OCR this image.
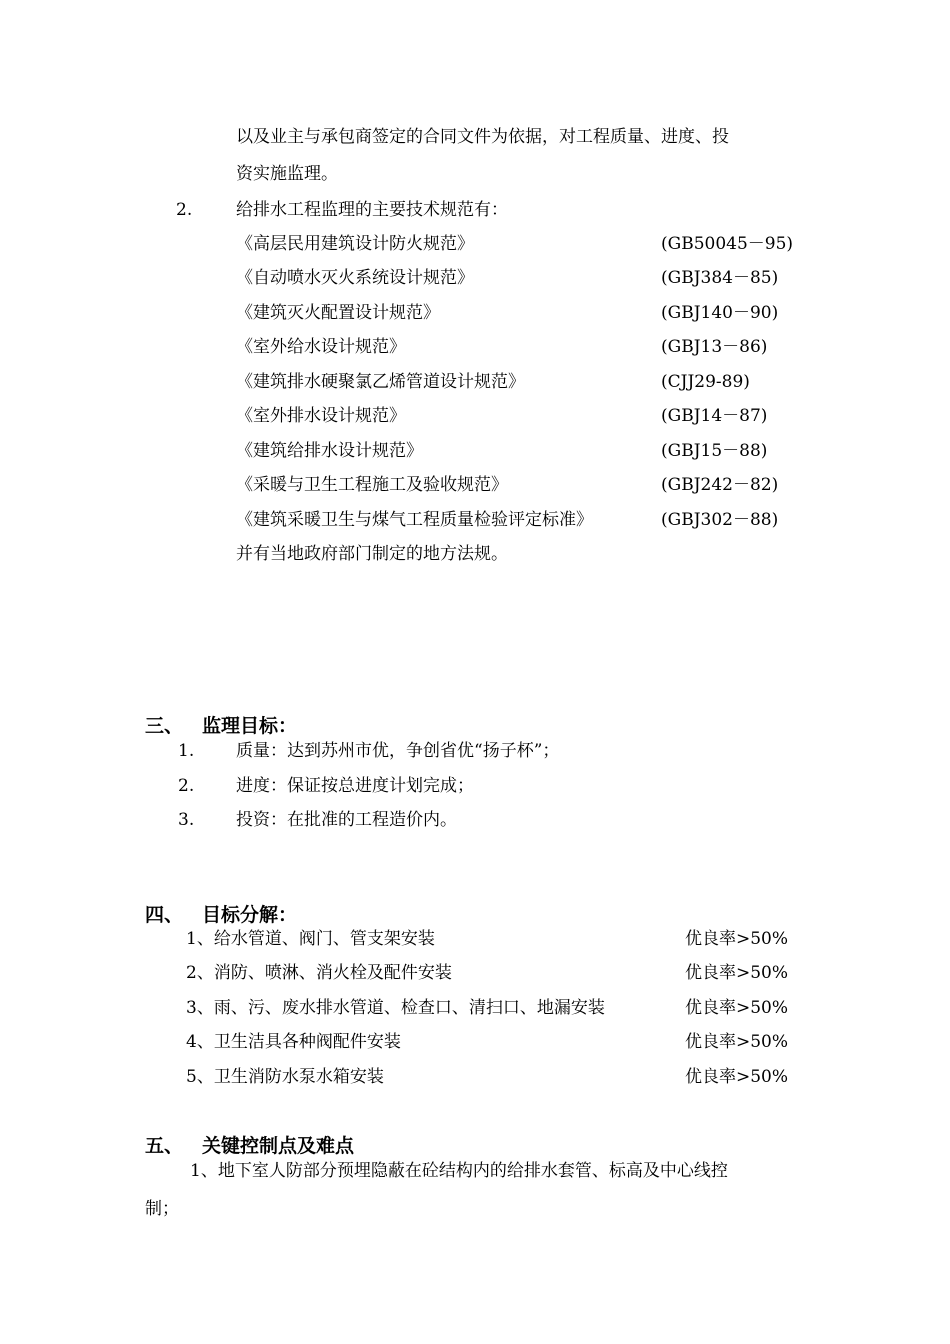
以及业主与承包商签定的合同文件为依据，对工程质量、进度、投
资实施监理。
2.	给排水工程监理的主要技术规范有：
《高层民用建筑设计防火规范》	(GB50045－95)
《自动喷水灭火系统设计规范》	(GBJ384－85)
《建筑灭火配置设计规范》	(GBJ140－90)
《室外给水设计规范》	(GBJ13－86)
《建筑排水硬聚氯乙烯管道设计规范》	(CJJ29-89)
《室外排水设计规范》	(GBJ14－87)
《建筑给排水设计规范》	(GBJ15－88)
《采暖与卫生工程施工及验收规范》	(GBJ242－82)
《建筑采暖卫生与煤气工程质量检验评定标准》	(GBJ302－88)
并有当地政府部门制定的地方法规。
三、 监理目标：
1. 质量：达到苏州市优，争创省优“扬子杯”；
2. 进度：保证按总进度计划完成；
3. 投资：在批准的工程造价内。
四、 目标分解：
1、给水管道、阀门、管支架安装	优良率>50%
2、消防、喷淋、消火栓及配件安装	优良率>50%
3、雨、污、废水排水管道、检查口、清扫口、地漏安装	优良率>50%
4、卫生洁具各种阀配件安装	优良率>50%
5、卫生消防水泵水箱安装	优良率>50%
五、 关键控制点及难点
1、地下室人防部分预埋隐蔽在砼结构内的给排水套管、标高及中心线控
制；
